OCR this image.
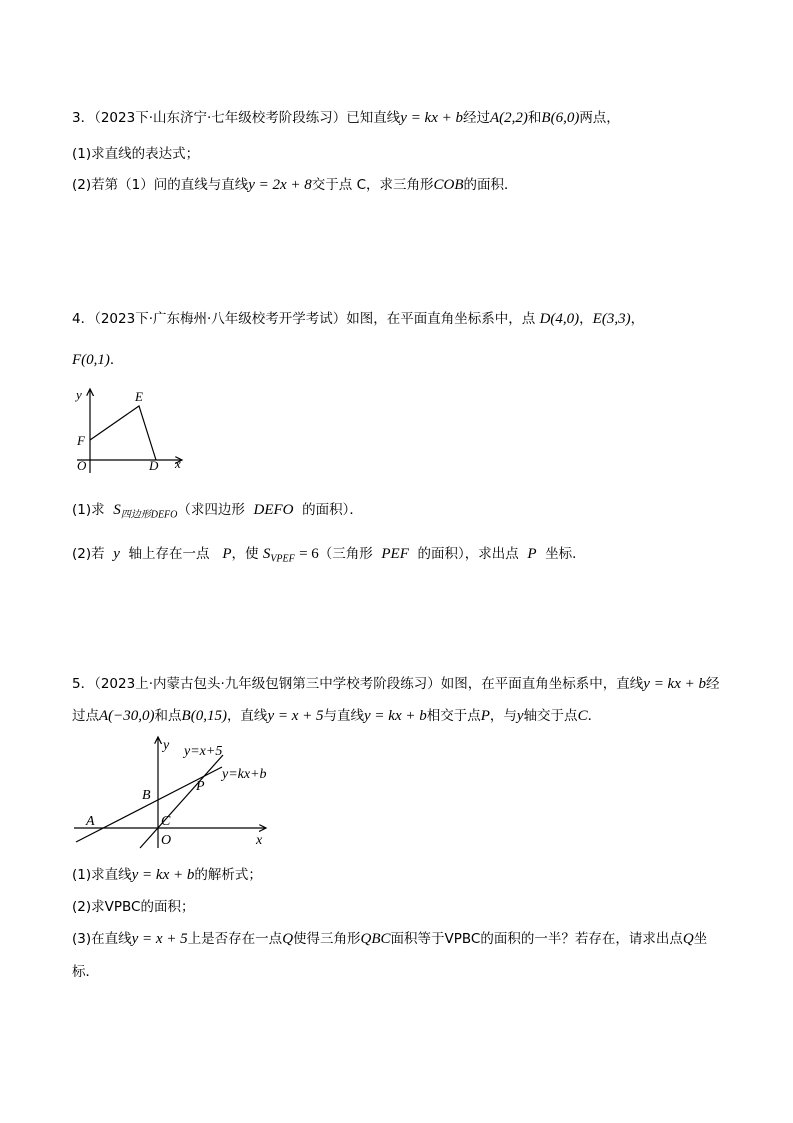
3．（2023下·山东济宁·七年级校考阶段练习）已知直线y = kx + b经过A(2,2)和B(6,0)两点，
(1)求直线的表达式；
(2)若第（1）问的直线与直线y = 2x + 8交于点 C，求三角形COB的面积．
4．（2023下·广东梅州·八年级校考开学考试）如图，在平面直角坐标系中，点 D(4,0)，E(3,3)，
F(0,1)．
y	E
F
O	D x
(1)求 $S_{四边形DEFO}$（求四边形 DEFO 的面积）．
(2)若 y 轴上存在一点 P，使 $S_{VPEF} = 6$（三角形 PEF 的面积），求出点 P 坐标．
5．（2023上·内蒙古包头·九年级包钢第三中学校考阶段练习）如图，在平面直角坐标系中，直线y = kx + b经
过点A(−30,0)和点B(0,15)，直线y = x + 5与直线y = kx + b相交于点P，与y轴交于点C．
y y=x+5
y=kx+b
P
B
A	C
O	x
(1)求直线y = kx + b的解析式；
(2)求VPBC的面积；
(3)在直线y = x + 5上是否存在一点Q使得三角形QBC面积等于VPBC的面积的一半？若存在，请求出点Q坐
标．
